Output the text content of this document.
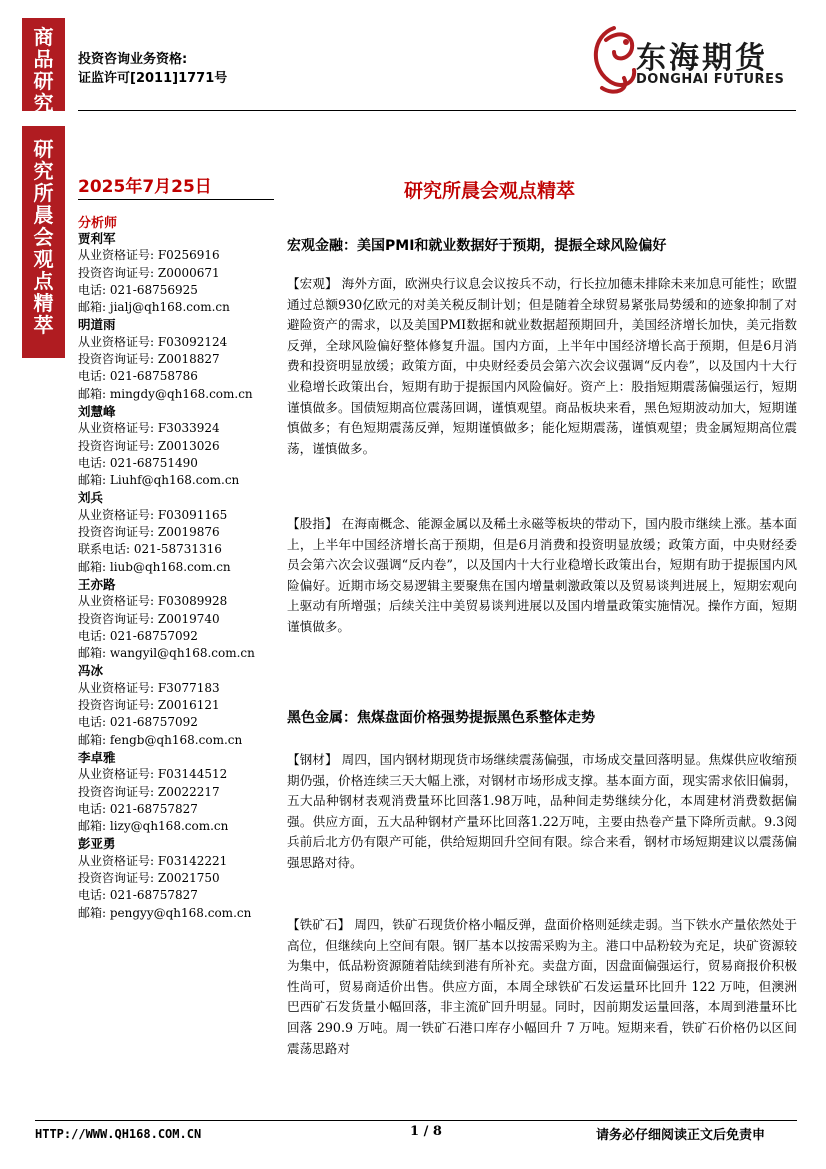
商品研究
研究所晨会观点精萃
投资咨询业务资格:
证监许可[2011]1771号
东海期货
DONGHAI FUTURES
2025年7月25日	研究所晨会观点精萃
分析师
贾利军
从业资格证号: F0256916
投资咨询证号: Z0000671
电话: 021-68756925
邮箱: jialj@qh168.com.cn
明道雨
从业资格证号: F03092124
投资咨询证号: Z0018827
电话: 021-68758786
邮箱: mingdy@qh168.com.cn
刘慧峰
从业资格证号: F3033924
投资咨询证号: Z0013026
电话: 021-68751490
邮箱: Liuhf@qh168.com.cn
刘兵
从业资格证号: F03091165
投资咨询证号: Z0019876
联系电话: 021-58731316
邮箱: liub@qh168.com.cn
王亦路
从业资格证号: F03089928
投资咨询证号: Z0019740
电话: 021-68757092
邮箱: wangyil@qh168.com.cn
冯冰
从业资格证号: F3077183
投资咨询证号: Z0016121
电话: 021-68757092
邮箱: fengb@qh168.com.cn
李卓雅
从业资格证号: F03144512
投资咨询证号: Z0022217
电话: 021-68757827
邮箱: lizy@qh168.com.cn
彭亚勇
从业资格证号: F03142221
投资咨询证号: Z0021750
电话: 021-68757827
邮箱: pengyy@qh168.com.cn
宏观金融：美国PMI和就业数据好于预期，提振全球风险偏好
【宏观】 海外方面，欧洲央行议息会议按兵不动，行长拉加德未排除未来加息可能性；欧盟通过总额930亿欧元的对美关税反制计划；但是随着全球贸易紧张局势缓和的迹象抑制了对避险资产的需求，以及美国PMI数据和就业数据超预期回升，美国经济增长加快，美元指数反弹，全球风险偏好整体修复升温。国内方面，上半年中国经济增长高于预期，但是6月消费和投资明显放缓；政策方面，中央财经委员会第六次会议强调“反内卷”，以及国内十大行业稳增长政策出台，短期有助于提振国内风险偏好。资产上：股指短期震荡偏强运行，短期谨慎做多。国债短期高位震荡回调，谨慎观望。商品板块来看，黑色短期波动加大，短期谨慎做多；有色短期震荡反弹，短期谨慎做多；能化短期震荡，谨慎观望；贵金属短期高位震荡，谨慎做多。
【股指】 在海南概念、能源金属以及稀土永磁等板块的带动下，国内股市继续上涨。基本面上，上半年中国经济增长高于预期，但是6月消费和投资明显放缓；政策方面，中央财经委员会第六次会议强调“反内卷”，以及国内十大行业稳增长政策出台，短期有助于提振国内风险偏好。近期市场交易逻辑主要聚焦在国内增量刺激政策以及贸易谈判进展上，短期宏观向上驱动有所增强；后续关注中美贸易谈判进展以及国内增量政策实施情况。操作方面，短期谨慎做多。
黑色金属：焦煤盘面价格强势提振黑色系整体走势
【钢材】 周四，国内钢材期现货市场继续震荡偏强，市场成交量回落明显。焦煤供应收缩预期仍强，价格连续三天大幅上涨，对钢材市场形成支撑。基本面方面，现实需求依旧偏弱，五大品种钢材表观消费量环比回落1.98万吨，品种间走势继续分化，本周建材消费数据偏强。供应方面，五大品种钢材产量环比回落1.22万吨，主要由热卷产量下降所贡献。9.3阅兵前后北方仍有限产可能，供给短期回升空间有限。综合来看，钢材市场短期建议以震荡偏强思路对待。
【铁矿石】 周四，铁矿石现货价格小幅反弹，盘面价格则延续走弱。当下铁水产量依然处于高位，但继续向上空间有限。钢厂基本以按需采购为主。港口中品粉较为充足，块矿资源较为集中，低品粉资源随着陆续到港有所补充。卖盘方面，因盘面偏强运行，贸易商报价积极性尚可，贸易商适价出售。供应方面，本周全球铁矿石发运量环比回升 122 万吨，但澳洲巴西矿石发货量小幅回落，非主流矿回升明显。同时，因前期发运量回落，本周到港量环比回落 290.9 万吨。周一铁矿石港口库存小幅回升 7 万吨。短期来看，铁矿石价格仍以区间震荡思路对
HTTP://WWW.QH168.COM.CN	1 / 8	请务必仔细阅读正文后免责申
